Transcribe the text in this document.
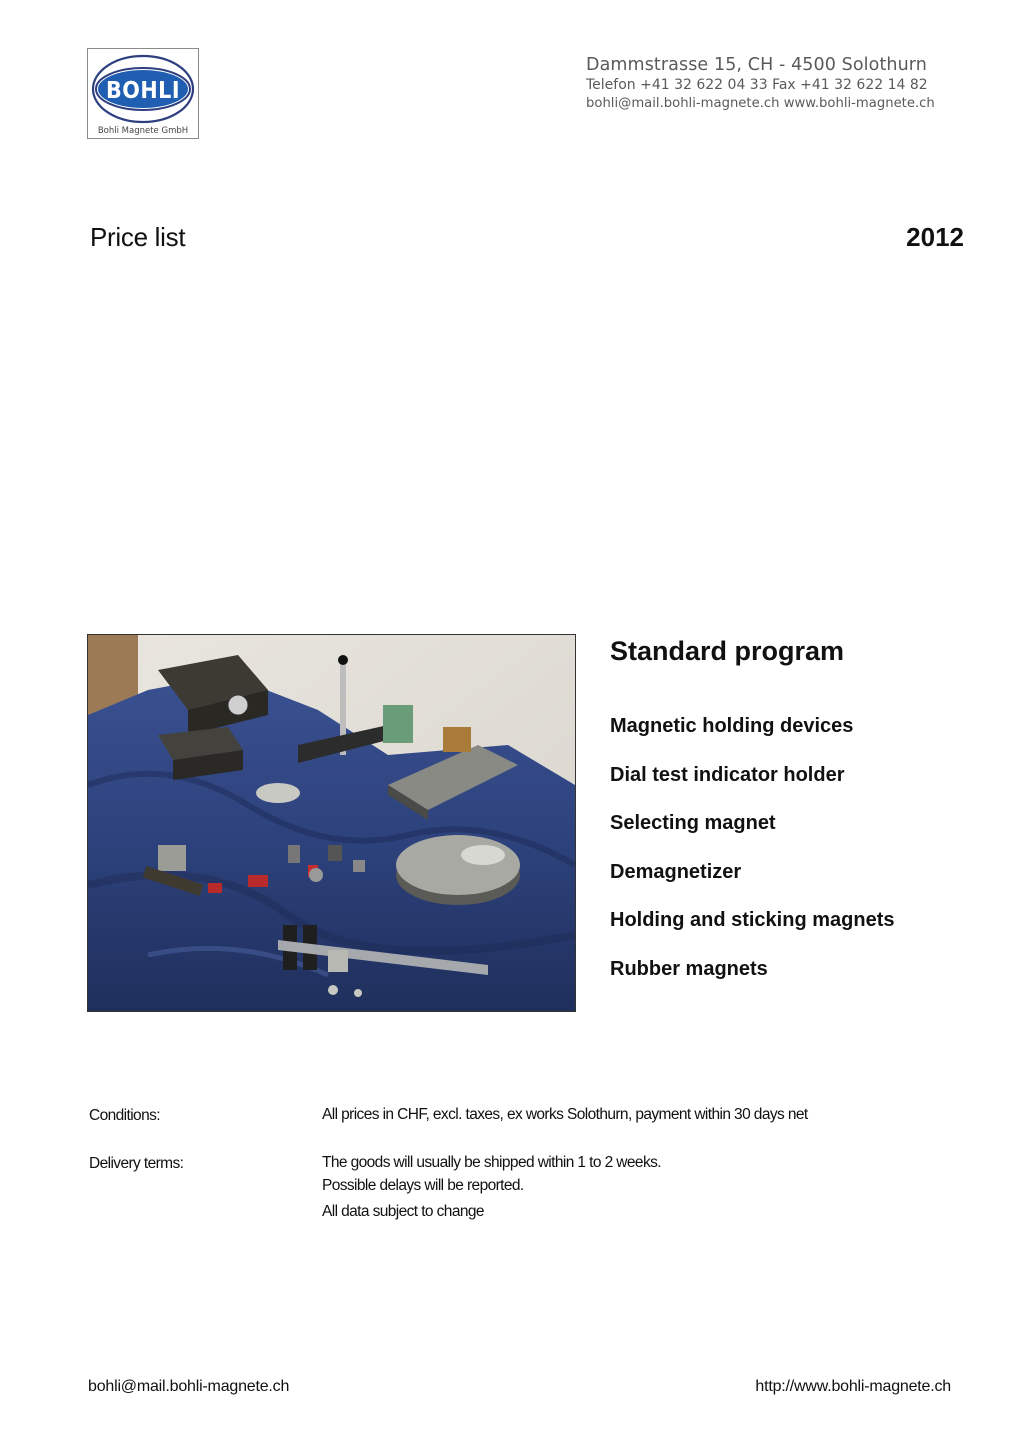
BOHLI
Bohli Magnete GmbH
Dammstrasse 15, CH - 4500 Solothurn
Telefon +41 32 622 04 33 Fax +41 32 622 14 82
bohli@mail.bohli-magnete.ch www.bohli-magnete.ch
Price list	2012
Standard program
Magnetic holding devices
Dial test indicator holder
Selecting magnet
Demagnetizer
Holding and sticking magnets
Rubber magnets
Conditions:	All prices in CHF, excl. taxes, ex works Solothurn, payment within 30 days net
Delivery terms:	The goods will usually be shipped within 1 to 2 weeks.
Possible delays will be reported.
All data subject to change
bohli@mail.bohli-magnete.ch	http://www.bohli-magnete.ch
